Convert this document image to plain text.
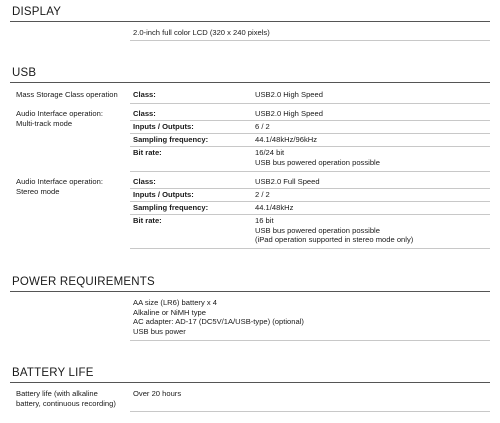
DISPLAY
2.0-inch full color LCD (320 x 240 pixels)
USB
Mass Storage Class operation	Class:	USB2.0 High Speed
Audio Interface operation:
Multi-track mode
Class:	USB2.0 High Speed
Inputs / Outputs:	6 / 2
Sampling frequency:	44.1/48kHz/96kHz
Bit rate:	16/24 bit
USB bus powered operation possible
Audio Interface operation:
Stereo mode
Class:	USB2.0 Full Speed
Inputs / Outputs:	2 / 2
Sampling frequency:	44.1/48kHz
Bit rate:	16 bit
USB bus powered operation possible
(iPad operation supported in stereo mode only)
POWER REQUIREMENTS
AA size (LR6) battery x 4
Alkaline or NiMH type
AC adapter: AD-17 (DC5V/1A/USB-type) (optional)
USB bus power
BATTERY LIFE
Battery life (with alkaline
battery, continuous recording)
Over 20 hours
